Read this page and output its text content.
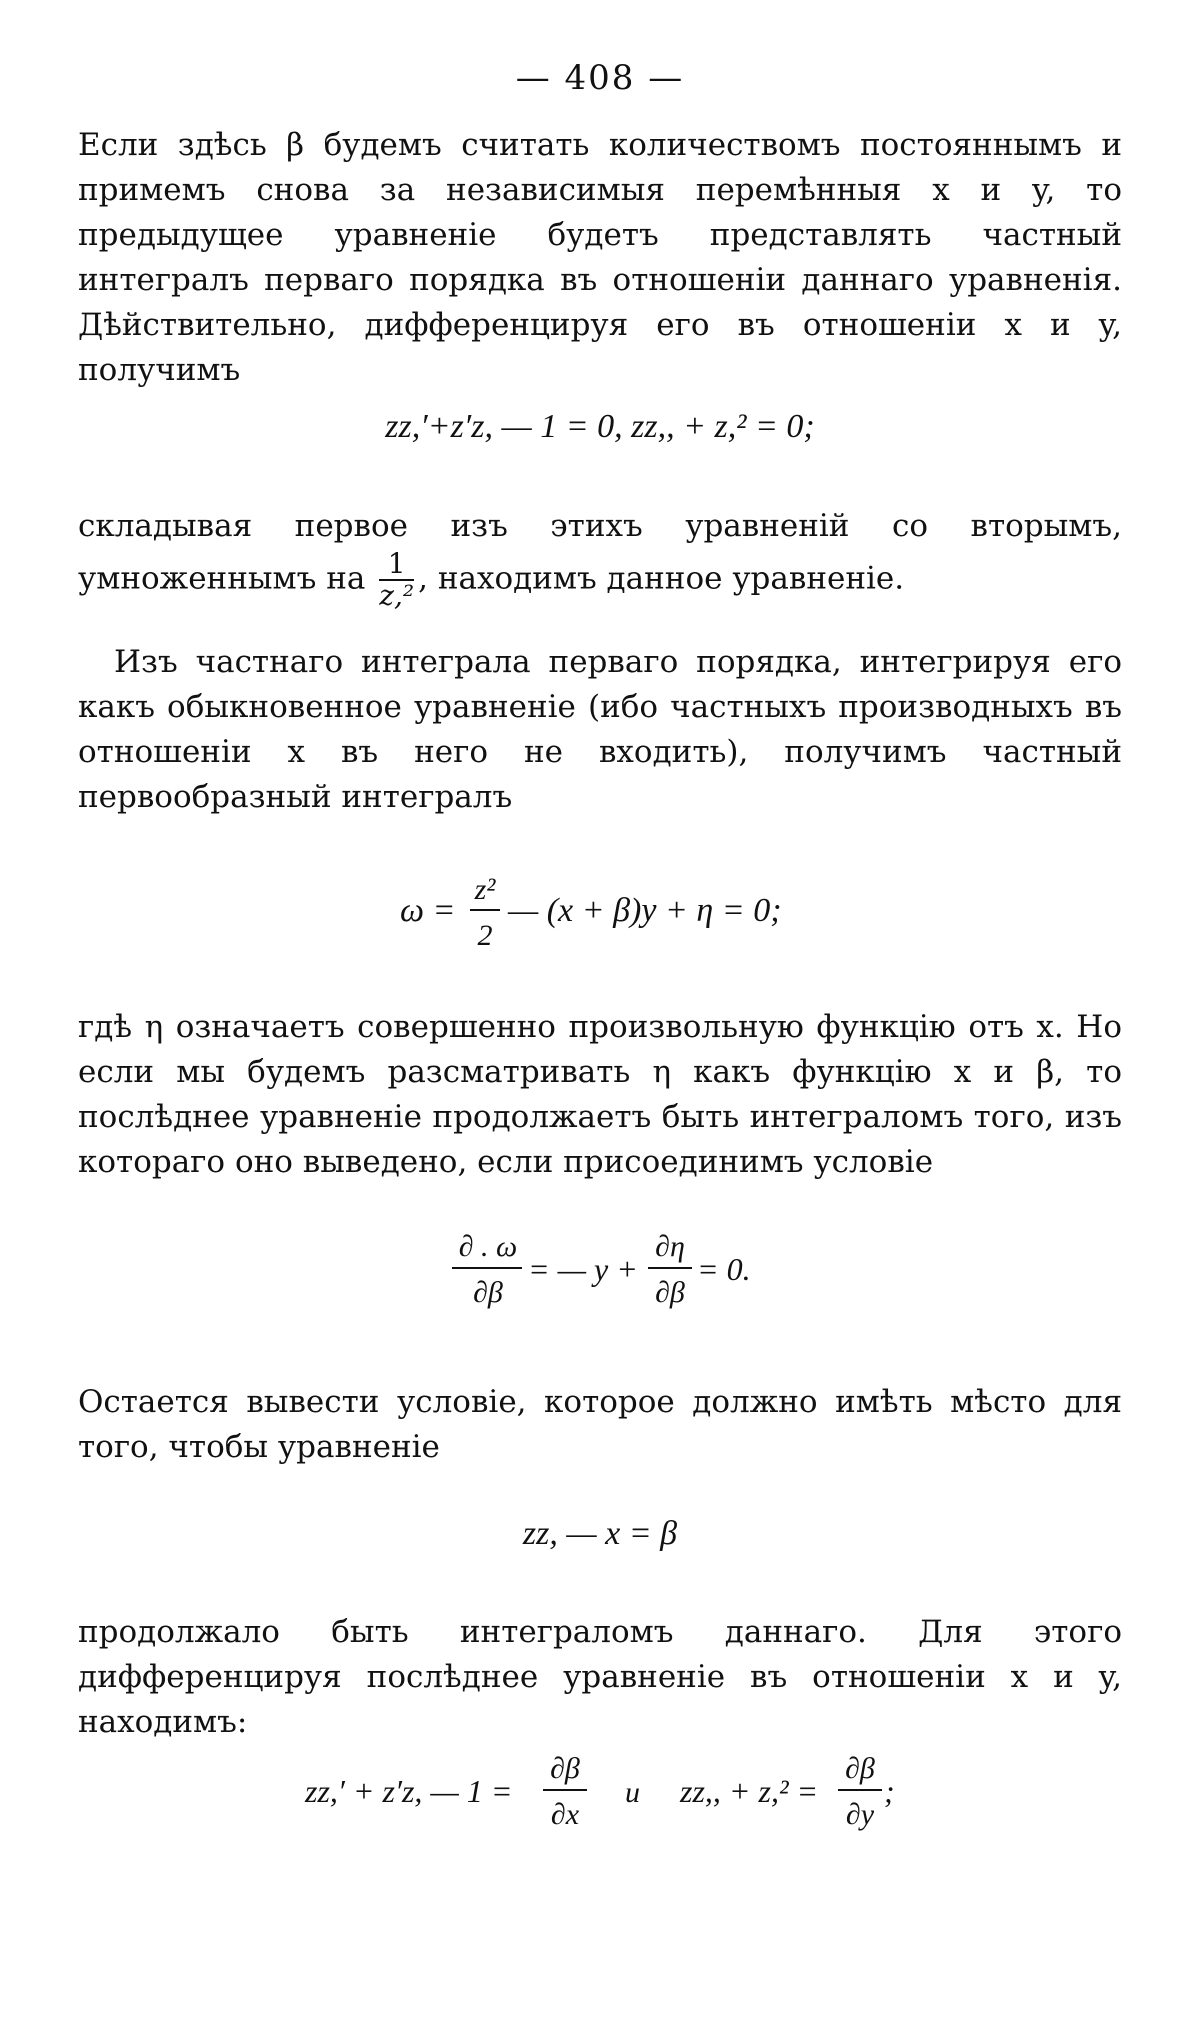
— 408 —

Если здѣсь β будемъ считать количествомъ постояннымъ и примемъ снова за независимыя перемѣнныя x и y, то предыдущее уравненіе будетъ представлять частный интегралъ перваго порядка въ отношеніи даннаго уравненія. Дѣйствительно, дифференцируя его въ отношеніи x и y, получимъ

zz,′+z′z, — 1 = 0, zz,, + z,² = 0;

складывая первое изъ этихъ уравненій со вторымъ, умноженнымъ на $\frac{1}{\text{z,²}}$ , находимъ данное уравненіе.

Изъ частнаго интеграла перваго порядка, интегрируя его какъ обыкновенное уравненіе (ибо частныхъ производныхъ въ отношеніи x въ него не входить), получимъ частный первообразный интегралъ

ω =
z²
2
— (x + β)y + η = 0;

гдѣ η означаетъ совершенно произвольную функцію отъ x. Но если мы будемъ разсматривать η какъ функцію x и β, то послѣднее уравненіе продолжаетъ быть интеграломъ того, изъ котораго оно выведено, если присоединимъ условіе

∂ . ω
∂β
= — y +
∂η
∂β
= 0.

Остается вывести условіе, которое должно имѣть мѣсто для того, чтобы уравненіе

zz, — x = β

продолжало быть интеграломъ даннаго. Для этого дифференцируя послѣднее уравненіе въ отношеніи x и y, находимъ:

zz,′ + z′z, — 1 =
∂β
∂x
и zz,, + z,² =
∂β
∂y
;
